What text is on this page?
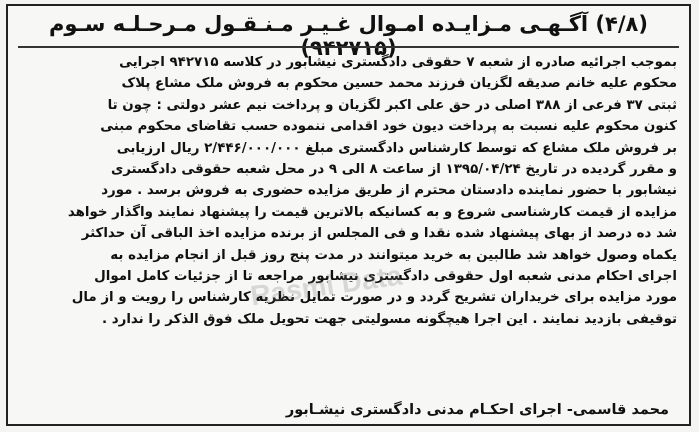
(۴/۸) آگـهـی مـزایـده امـوال غـیـر مـنـقـول مـرحـلـه سـوم (۹۴۲۷۱۵)
بموجب اجرائیه صادره از شعبه ۷ حقوقی دادگستری نیشابور در کلاسه ۹۴۲۷۱۵ اجرایی
محکوم علیه خانم صدیقه لگزیان فرزند محمد حسین محکوم به فروش ملک مشاع پلاک
ثبتی ۳۷ فرعی از ۳۸۸ اصلی در حق علی اکبر لگزیان و پرداخت نیم عشر دولتی : چون تا
کنون محکوم علیه نسبت به پرداخت دیون خود اقدامی ننموده حسب تقاضای محکوم مبنی
بر فروش ملک مشاع که توسط کارشناس دادگستری مبلغ ۲/۴۴۶/۰۰۰/۰۰۰ ریال ارزیابی
و مقرر گردیده در تاریخ ۱۳۹۵/۰۴/۲۴ از ساعت ۸ الی ۹ در محل شعبه حقوقی دادگستری
نیشابور با حضور نماینده دادستان محترم از طریق مزایده حضوری به فروش برسد . مورد
مزایده از قیمت کارشناسی شروع و به کسانیکه بالاترین قیمت را پیشنهاد نمایند واگذار خواهد
شد ده درصد از بهای پیشنهاد شده نقدا و فی المجلس از برنده مزایده اخذ الباقی آن حداکثر
یکماه وصول خواهد شد طالبین به خرید میتوانند در مدت پنج روز قبل از انجام مزایده به
اجرای احکام مدنی شعبه اول حقوقی دادگستری نیشابور مراجعه تا از جزئیات کامل اموال
مورد مزایده برای خریداران تشریح گردد و در صورت تمایل نظریه کارشناس را رویت و از مال
توقیفی بازدید نمایند . این اجرا هیچگونه مسولیتی جهت تحویل ملک فوق الذکر را ندارد .
محمد قاسمی- اجرای احکـام مدنی دادگستری نیشـابور
Rasmi Data
